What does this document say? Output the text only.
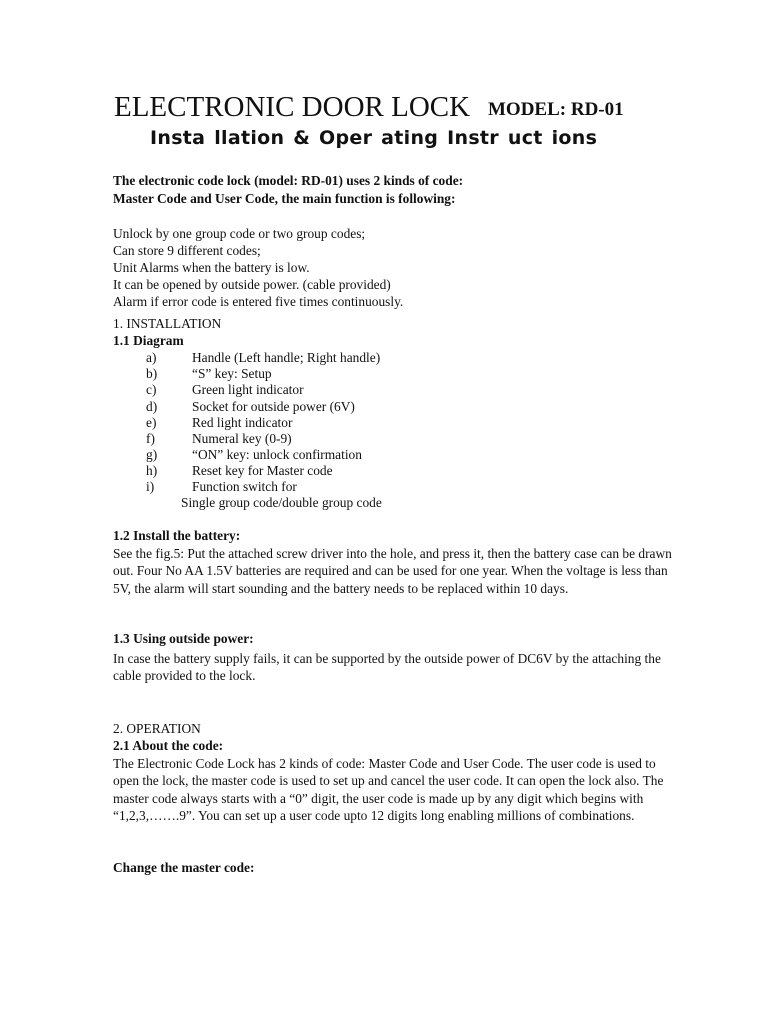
ELECTRONIC DOOR LOCK MODEL: RD-01
Insta llation & Oper ating Instr uct ions
The electronic code lock (model: RD-01) uses 2 kinds of code:
Master Code and User Code, the main function is following:
Unlock by one group code or two group codes;
Can store 9 different codes;
Unit Alarms when the battery is low.
It can be opened by outside power. (cable provided)
Alarm if error code is entered five times continuously.
1. INSTALLATION
1.1 Diagram
a)	Handle (Left handle; Right handle)
b)	“S” key: Setup
c)	Green light indicator
d)	Socket for outside power (6V)
e)	Red light indicator
f)	Numeral key (0-9)
g)	“ON” key: unlock confirmation
h)	Reset key for Master code
i)	Function switch for
Single group code/double group code
1.2 Install the battery:
See the fig.5: Put the attached screw driver into the hole, and press it, then the battery case can be drawn out. Four No AA 1.5V batteries are required and can be used for one year. When the voltage is less than 5V, the alarm will start sounding and the battery needs to be replaced within 10 days.
1.3 Using outside power:
In case the battery supply fails, it can be supported by the outside power of DC6V by the attaching the cable provided to the lock.
2. OPERATION
2.1 About the code:
The Electronic Code Lock has 2 kinds of code: Master Code and User Code. The user code is used to open the lock, the master code is used to set up and cancel the user code. It can open the lock also. The master code always starts with a “0” digit, the user code is made up by any digit which begins with “1,2,3,…….9”. You can set up a user code upto 12 digits long enabling millions of combinations.
Change the master code:
